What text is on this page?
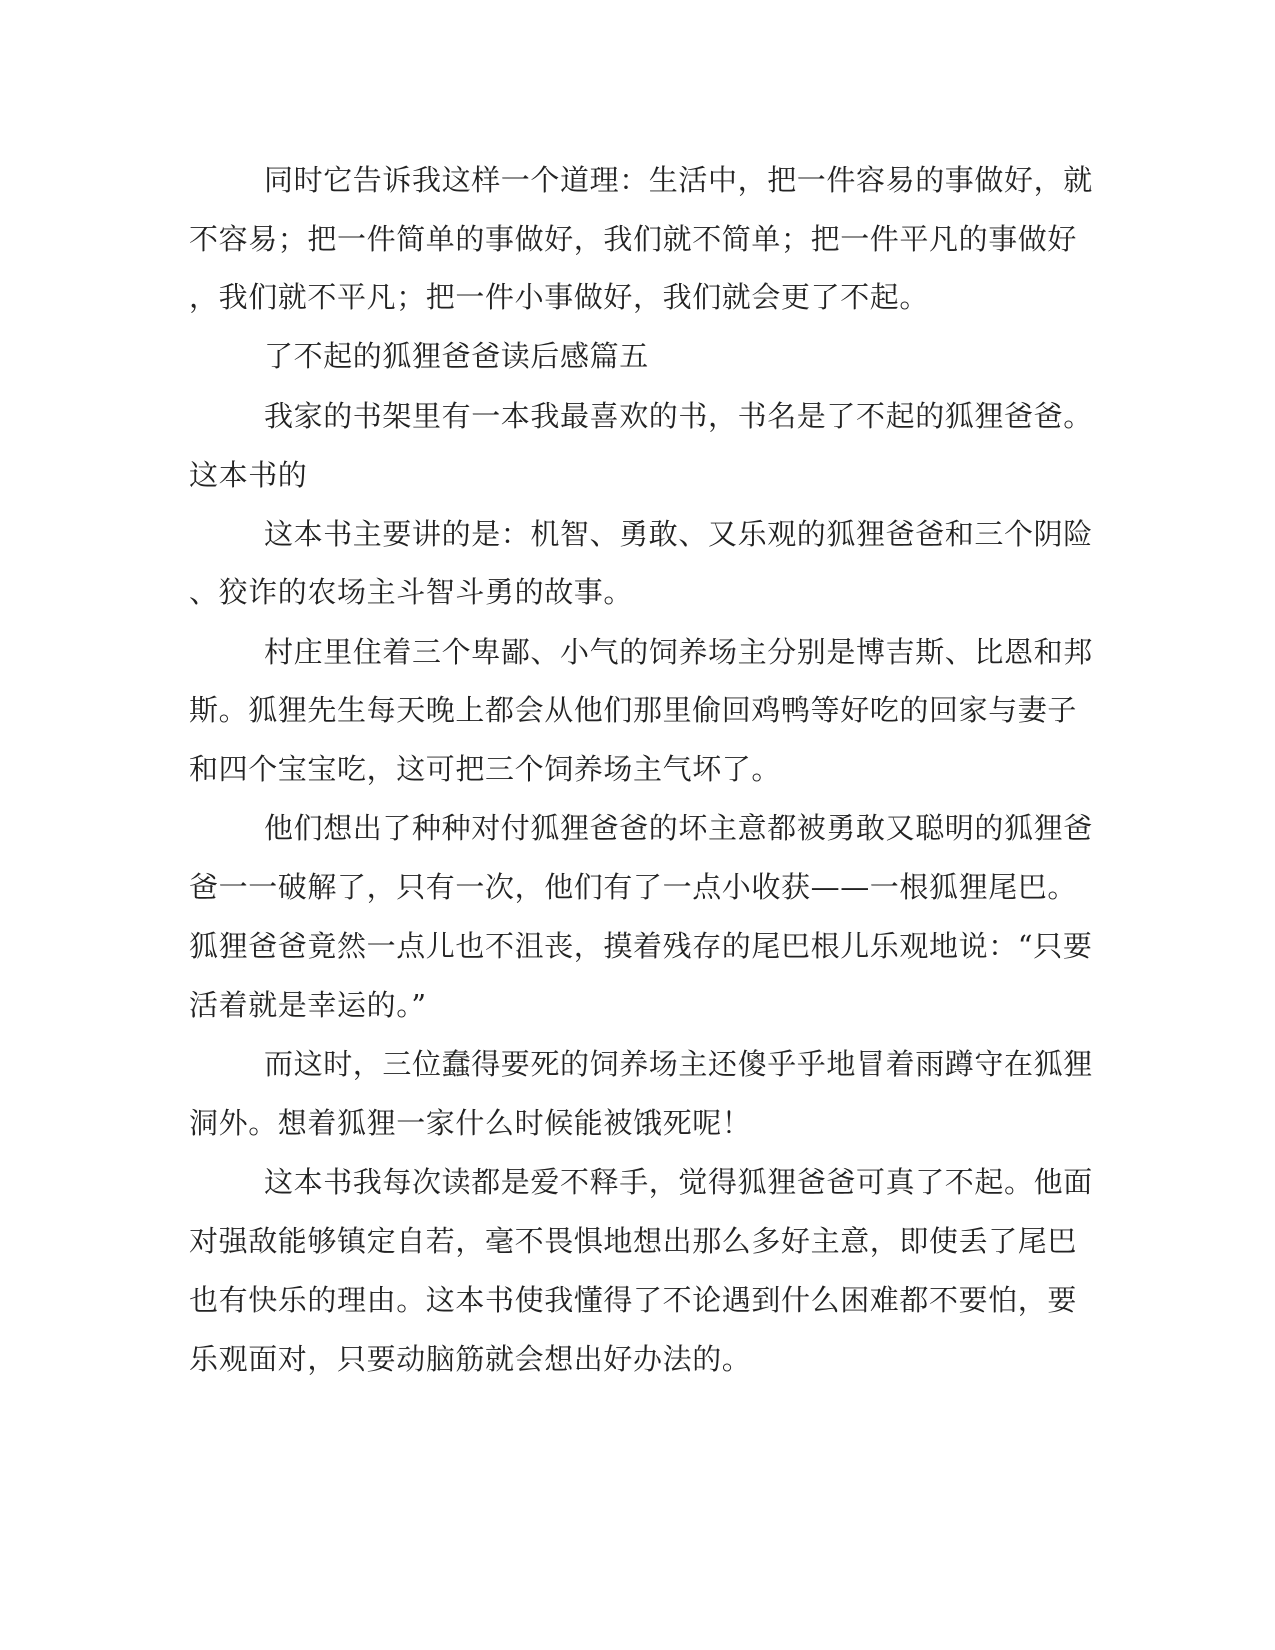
同时它告诉我这样一个道理：生活中，把一件容易的事做好，就
不容易；把一件简单的事做好，我们就不简单；把一件平凡的事做好
，我们就不平凡；把一件小事做好，我们就会更了不起。
了不起的狐狸爸爸读后感篇五
我家的书架里有一本我最喜欢的书，书名是了不起的狐狸爸爸。
这本书的
这本书主要讲的是：机智、勇敢、又乐观的狐狸爸爸和三个阴险
、狡诈的农场主斗智斗勇的故事。
村庄里住着三个卑鄙、小气的饲养场主分别是博吉斯、比恩和邦
斯。狐狸先生每天晚上都会从他们那里偷回鸡鸭等好吃的回家与妻子
和四个宝宝吃，这可把三个饲养场主气坏了。
他们想出了种种对付狐狸爸爸的坏主意都被勇敢又聪明的狐狸爸
爸一一破解了，只有一次，他们有了一点小收获——一根狐狸尾巴。
狐狸爸爸竟然一点儿也不沮丧，摸着残存的尾巴根儿乐观地说：“只要
活着就是幸运的。”
而这时，三位蠢得要死的饲养场主还傻乎乎地冒着雨蹲守在狐狸
洞外。想着狐狸一家什么时候能被饿死呢！
这本书我每次读都是爱不释手，觉得狐狸爸爸可真了不起。他面
对强敌能够镇定自若，毫不畏惧地想出那么多好主意，即使丢了尾巴
也有快乐的理由。这本书使我懂得了不论遇到什么困难都不要怕，要
乐观面对，只要动脑筋就会想出好办法的。
